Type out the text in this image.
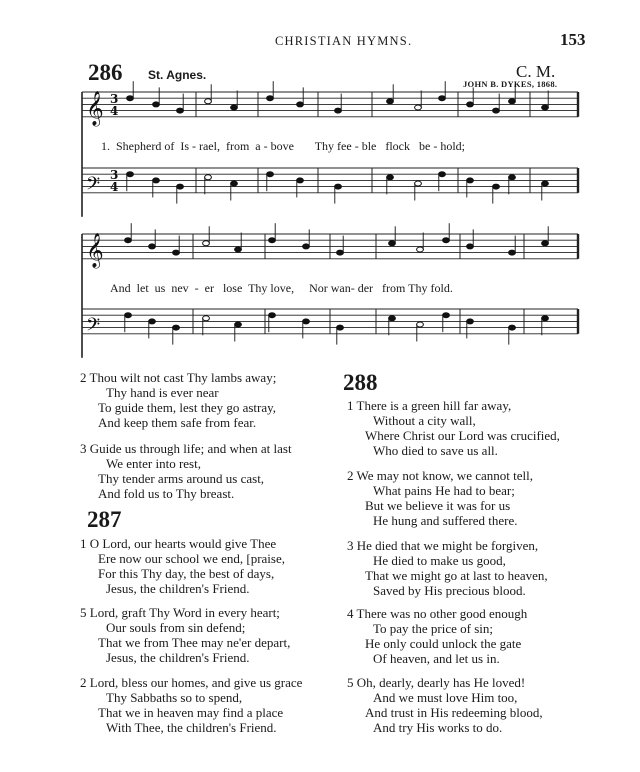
CHRISTIAN HYMNS.	153
286 St. Agnes.	C. M.
JOHN B. DYKES, 1868.
𝄞
𝄢
𝄞
𝄢
3
4
3
4
1.  Shepherd of  Is - rael,  from  a - bove       Thy fee - ble   flock   be - hold;
And  let  us  nev  -  er   lose  Thy love,     Nor wan- der   from Thy fold.
2 Thou wilt not cast Thy lambs away;
Thy hand is ever near
To guide them, lest they go astray,
And keep them safe from fear.
3 Guide us through life; and when at last
We enter into rest,
Thy tender arms around us cast,
And fold us to Thy breast.
287
1 O Lord, our hearts would give Thee
Ere now our school we end, [praise,
For this Thy day, the best of days,
Jesus, the children's Friend.
5 Lord, graft Thy Word in every heart;
Our souls from sin defend;
That we from Thee may ne'er depart,
Jesus, the children's Friend.
2 Lord, bless our homes, and give us grace
Thy Sabbaths so to spend,
That we in heaven may find a place
With Thee, the children's Friend.
288
1 There is a green hill far away,
Without a city wall,
Where Christ our Lord was crucified,
Who died to save us all.
2 We may not know, we cannot tell,
What pains He had to bear;
But we believe it was for us
He hung and suffered there.
3 He died that we might be forgiven,
He died to make us good,
That we might go at last to heaven,
Saved by His precious blood.
4 There was no other good enough
To pay the price of sin;
He only could unlock the gate
Of heaven, and let us in.
5 Oh, dearly, dearly has He loved!
And we must love Him too,
And trust in His redeeming blood,
And try His works to do.
